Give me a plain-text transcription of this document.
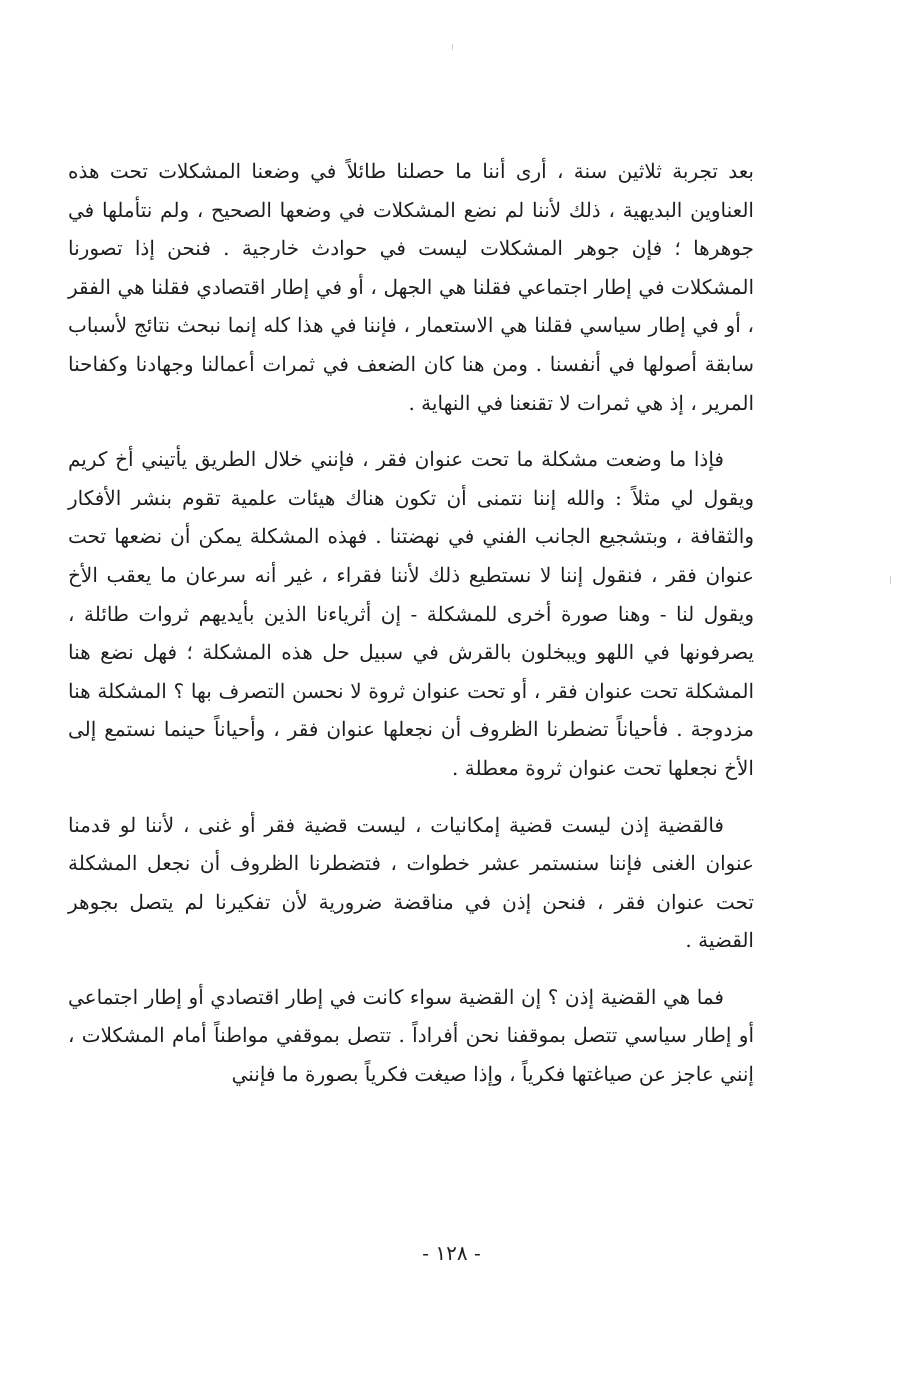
بعد تجربة ثلاثين سنة ، أرى أننا ما حصلنا طائلاً في وضعنا المشكلات تحت هذه العناوين البديهية ، ذلك لأننا لم نضع المشكلات في وضعها الصحيح ، ولم نتأملها في جوهرها ؛ فإن جوهر المشكلات ليست في حوادث خارجية . فنحن إذا تصورنا المشكلات في إطار اجتماعي فقلنا هي الجهل ، أو في إطار اقتصادي فقلنا هي الفقر ، أو في إطار سياسي فقلنا هي الاستعمار ، فإننا في هذا كله إنما نبحث نتائج لأسباب سابقة أصولها في أنفسنا . ومن هنا كان الضعف في ثمرات أعمالنا وجهادنا وكفاحنا المرير ، إذ هي ثمرات لا تقنعنا في النهاية .

فإذا ما وضعت مشكلة ما تحت عنوان فقر ، فإنني خلال الطريق يأتيني أخ كريم ويقول لي مثلاً : والله إننا نتمنى أن تكون هناك هيئات علمية تقوم بنشر الأفكار والثقافة ، وبتشجيع الجانب الفني في نهضتنا . فهذه المشكلة يمكن أن نضعها تحت عنوان فقر ، فنقول إننا لا نستطيع ذلك لأننا فقراء ، غير أنه سرعان ما يعقب الأخ ويقول لنا - وهنا صورة أخرى للمشكلة - إن أثرياءنا الذين بأيديهم ثروات طائلة ، يصرفونها في اللهو ويبخلون بالقرش في سبيل حل هذه المشكلة ؛ فهل نضع هنا المشكلة تحت عنوان فقر ، أو تحت عنوان ثروة لا نحسن التصرف بها ؟ المشكلة هنا مزدوجة . فأحياناً تضطرنا الظروف أن نجعلها عنوان فقر ، وأحياناً حينما نستمع إلى الأخ نجعلها تحت عنوان ثروة معطلة .

فالقضية إذن ليست قضية إمكانيات ، ليست قضية فقر أو غنى ، لأننا لو قدمنا عنوان الغنى فإننا سنستمر عشر خطوات ، فتضطرنا الظروف أن نجعل المشكلة تحت عنوان فقر ، فنحن إذن في مناقضة ضرورية لأن تفكيرنا لم يتصل بجوهر القضية .

فما هي القضية إذن ؟ إن القضية سواء كانت في إطار اقتصادي أو إطار اجتماعي أو إطار سياسي تتصل بموقفنا نحن أفراداً . تتصل بموقفي مواطناً أمام المشكلات ، إنني عاجز عن صياغتها فكرياً ، وإذا صيغت فكرياً بصورة ما فإنني

- ١٢٨ -
